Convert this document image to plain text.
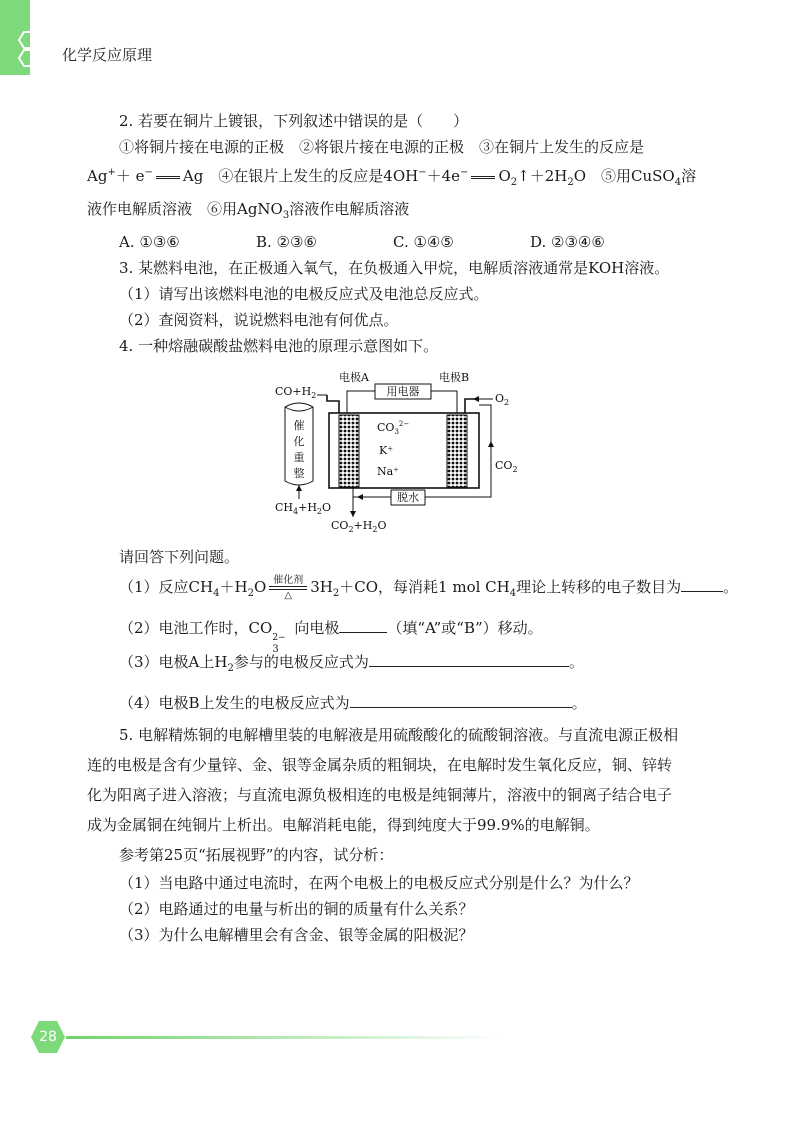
化学反应原理
2. 若要在铜片上镀银，下列叙述中错误的是（　　）
①将铜片接在电源的正极　②将银片接在电源的正极　③在铜片上发生的反应是
Ag+＋ e− Ag　④在银片上发生的反应是4OH−＋4e− $O_2↑+2H_2O$　⑤用CuSO$_4$溶
液作电解质溶液　⑥用AgNO$_3$溶液作电解质溶液
A. ①③⑥	B. ②③⑥	C. ①④⑤	D. ②③④⑥
3. 某燃料电池，在正极通入氧气，在负极通入甲烷，电解质溶液通常是KOH溶液。
（1）请写出该燃料电池的电极反应式及电池总反应式。
（2）查阅资料，说说燃料电池有何优点。
4. 一种熔融碳酸盐燃料电池的原理示意图如下。
电极A	电极B
用电器
$CO+H_2$	$O_2$
$CO_3^{2-}$
K⁺
Na⁺
催
化
重
整
$CH_4+H_2O$
$CO_2+H_2O$
脱水
$CO_2$
请回答下列问题。
（1）反应$CH_4+H_2O$ 催化剂
△ $3H_2+CO$，每消耗1 mol $CH_4$理论上转移的电子数目为	。
（2）电池工作时，CO
2−
3
向电极	（填“A”或“B”）移动。
（3）电极A上$H_2$参与的电极反应式为	。
（4）电极B上发生的电极反应式为	。
5. 电解精炼铜的电解槽里装的电解液是用硫酸酸化的硫酸铜溶液。与直流电源正极相
连的电极是含有少量锌、金、银等金属杂质的粗铜块，在电解时发生氧化反应，铜、锌转
化为阳离子进入溶液；与直流电源负极相连的电极是纯铜薄片，溶液中的铜离子结合电子
成为金属铜在纯铜片上析出。电解消耗电能，得到纯度大于99.9%的电解铜。
参考第25页“拓展视野”的内容，试分析：
（1）当电路中通过电流时，在两个电极上的电极反应式分别是什么？为什么？
（2）电路通过的电量与析出的铜的质量有什么关系？
（3）为什么电解槽里会有含金、银等金属的阳极泥？
28
